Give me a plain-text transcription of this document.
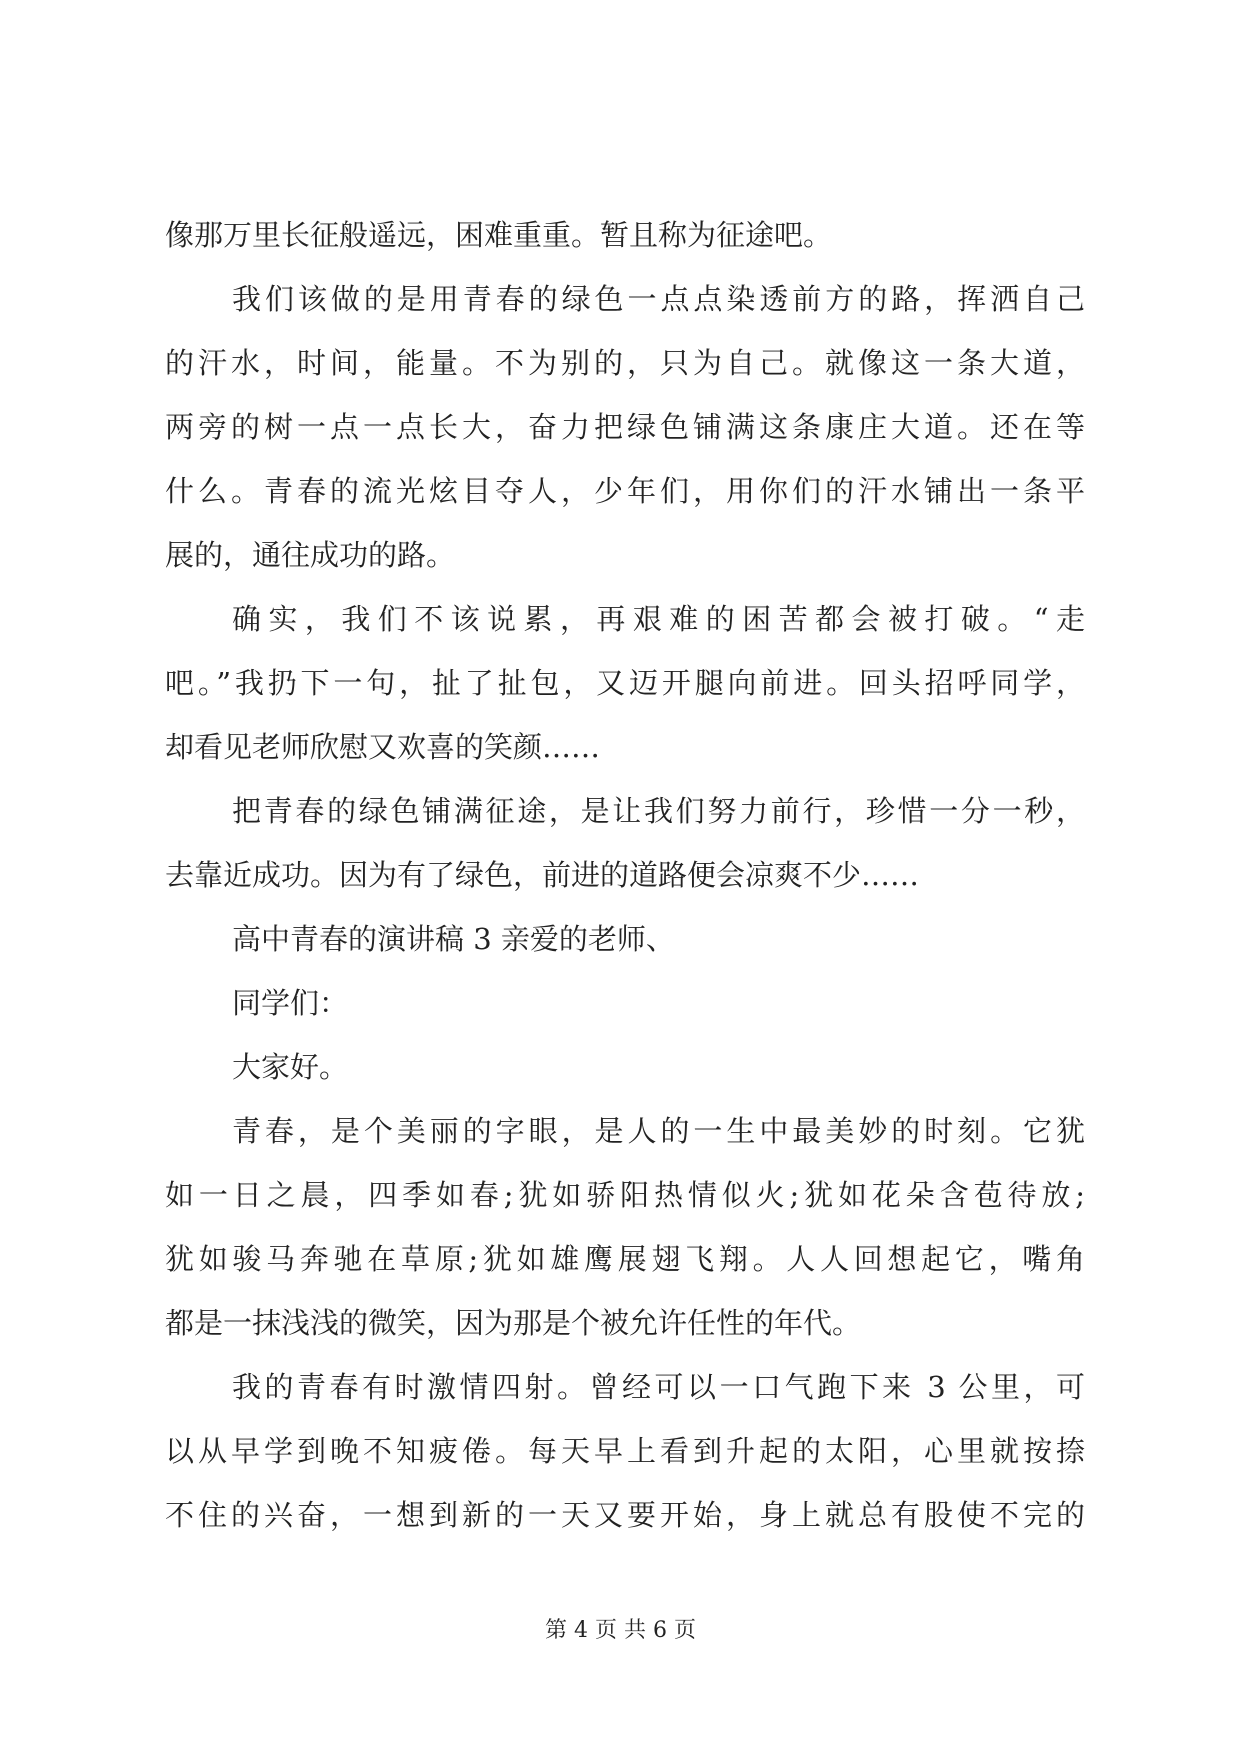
像那万里长征般遥远，困难重重。暂且称为征途吧。
我们该做的是用青春的绿色一点点染透前方的路，挥洒自己
的汗水，时间，能量。不为别的，只为自己。就像这一条大道，
两旁的树一点一点长大，奋力把绿色铺满这条康庄大道。还在等
什么。青春的流光炫目夺人，少年们，用你们的汗水铺出一条平
展的，通往成功的路。
确实，我们不该说累，再艰难的困苦都会被打破。“走
吧。”我扔下一句，扯了扯包，又迈开腿向前进。回头招呼同学，
却看见老师欣慰又欢喜的笑颜……
把青春的绿色铺满征途，是让我们努力前行，珍惜一分一秒，
去靠近成功。因为有了绿色，前进的道路便会凉爽不少……
高中青春的演讲稿 3 亲爱的老师、
同学们：
大家好。
青春，是个美丽的字眼，是人的一生中最美妙的时刻。它犹
如一日之晨，四季如春;犹如骄阳热情似火;犹如花朵含苞待放;
犹如骏马奔驰在草原;犹如雄鹰展翅飞翔。人人回想起它，嘴角
都是一抹浅浅的微笑，因为那是个被允许任性的年代。
我的青春有时激情四射。曾经可以一口气跑下来 3 公里，可
以从早学到晚不知疲倦。每天早上看到升起的太阳，心里就按捺
不住的兴奋，一想到新的一天又要开始，身上就总有股使不完的
第 4 页 共 6 页
